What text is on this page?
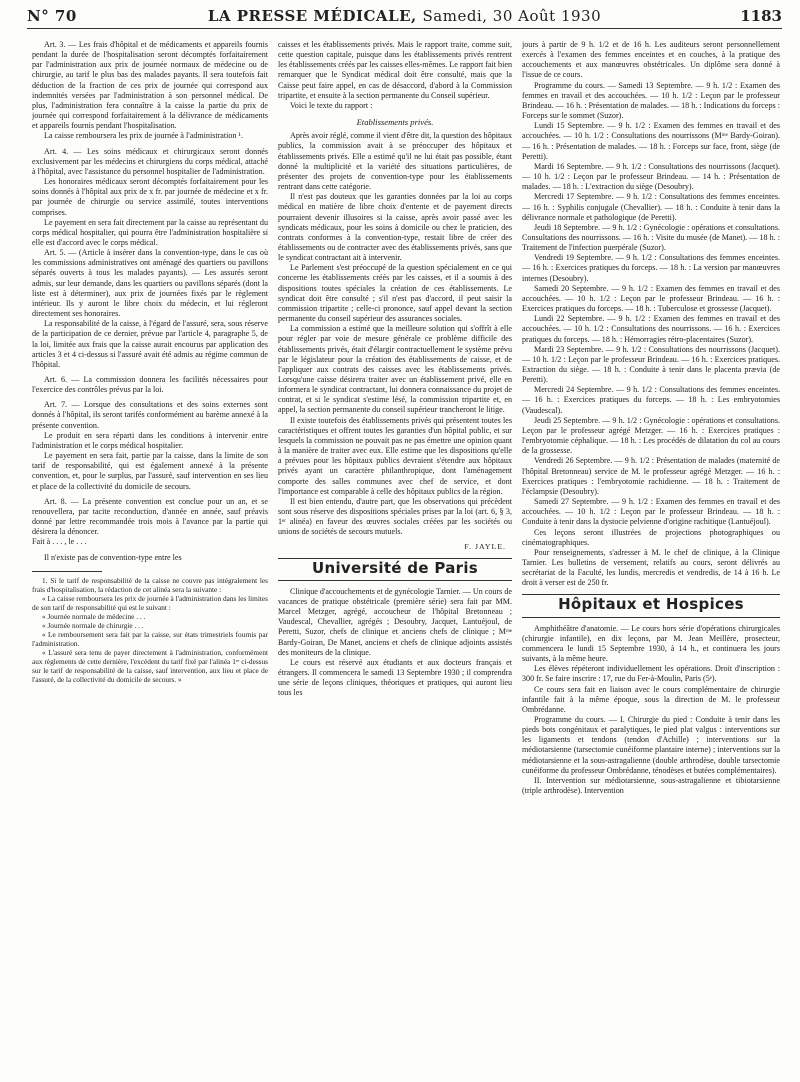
N° 70	LA PRESSE MÉDICALE, Samedi, 30 Août 1930	1183

Art. 3. — Les frais d'hôpital et de médicaments et appareils fournis pendant la durée de l'hospitalisation seront décomptés forfaitairement par l'administration aux prix de journée normaux de médecine ou de chirurgie, au tarif le plus bas des malades payants. Il sera toutefois fait déduction de la fraction de ces prix de journée qui correspond aux indemnités versées par l'administration à son personnel médical. De plus, l'administration fera connaître à la caisse la partie du prix de journée qui correspond forfaitairement à la délivrance de médicaments et appareils fournis pendant l'hospitalisation.

La caisse remboursera les prix de journée à l'administration ¹.

Art. 4. — Les soins médicaux et chirurgicaux seront donnés exclusivement par les médecins et chirurgiens du corps médical, attaché à l'hôpital, avec l'assistance du personnel hospitalier de l'administration.

Les honoraires médicaux seront décomptés forfaitairement pour les soins donnés à l'hôpital aux prix de x fr. par journée de médecine et x fr. par journée de chirurgie ou service assimilé, toutes interventions comprises.

Le payement en sera fait directement par la caisse au représentant du corps médical hospitalier, qui pourra être l'administration hospitalière si elle est d'accord avec le corps médical.

Art. 5. — (Article à insérer dans la convention-type, dans le cas où les commissions administratives ont aménagé des quartiers ou pavillons séparés ouverts à tous les malades payants). — Les assurés seront admis, sur leur demande, dans les quartiers ou pavillons séparés (dont la liste est à déterminer), aux prix de journées fixés par le règlement intérieur. Ils y auront le libre choix du médecin, et lui régleront directement ses honoraires.

La responsabilité de la caisse, à l'égard de l'assuré, sera, sous réserve de la participation de ce dernier, prévue par l'article 4, paragraphe 5, de la loi, limitée aux frais que la caisse aurait encourus par application des articles 3 et 4 ci-dessus si l'assuré avait été admis au régime commun de l'hôpital.

Art. 6. — La commission donnera les facilités nécessaires pour l'exercice des contrôles prévus par la loi.

Art. 7. — Lorsque des consultations et des soins externes sont donnés à l'hôpital, ils seront tarifés conformément au barème annexé à la présente convention.

Le produit en sera réparti dans les conditions à intervenir entre l'administration et le corps médical hospitalier.

Le payement en sera fait, partie par la caisse, dans la limite de son tarif de responsabilité, qui est également annexé à la présente convention, et, pour le surplus, par l'assuré, sauf intervention en ses lieu et place de la collectivité du domicile de secours.

Art. 8. — La présente convention est conclue pour un an, et se renouvellera, par tacite reconduction, d'année en année, sauf préavis donné par lettre recommandée trois mois à l'avance par la partie qui désirera la dénoncer.

Fait à . . . , le . . .

Il n'existe pas de convention-type entre les

1. Si le tarif de responsabilité de la caisse ne couvre pas intégralement les frais d'hospitalisation, la rédaction de cet alinéa sera la suivante :

« La caisse remboursera les prix de journée à l'administration dans les limites de son tarif de responsabilité qui est le suivant :

« Journée normale de médecine . . .

« Journée normale de chirurgie . . .

« Le remboursement sera fait par la caisse, sur états trimestriels fournis par l'administration.

« L'assuré sera tenu de payer directement à l'administration, conformément aux règlements de cette dernière, l'excédent du tarif fixé par l'alinéa 1ᵉʳ ci-dessus sur le tarif de responsabilité de la caisse, sauf intervention, aux lieu et place de l'assuré, de la collectivité du domicile de secours. »

caisses et les établissements privés. Mais le rapport traite, comme suit, cette question capitale, puisque dans les établissements privés rentrent les établissements créés par les caisses elles-mêmes. Le rapport fait bien remarquer que le Syndicat médical doit être consulté, mais que la Caisse peut faire appel, en cas de désaccord, d'abord à la Commission tripartite, et ensuite à la section permanente du Conseil supérieur.

Voici le texte du rapport :

Etablissements privés.

Après avoir réglé, comme il vient d'être dit, la question des hôpitaux publics, la commission avait à se préoccuper des hôpitaux et établissements privés. Elle a estimé qu'il ne lui était pas possible, étant donné la multiplicité et la variété des situations particulières, de présenter des projets de convention-type pour les établissements rentrant dans cette catégorie.

Il n'est pas douteux que les garanties données par la loi au corps médical en matière de libre choix d'entente et de payement directs pourraient devenir illusoires si la caisse, après avoir passé avec les syndicats médicaux, pour les soins à domicile ou chez le praticien, des contrats conformes à la convention-type, restait libre de créer des établissements ou de contracter avec des établissements privés, sans que le syndicat contractant ait à intervenir.

Le Parlement s'est préoccupé de la question spécialement en ce qui concerne les établissements créés par les caisses, et il a soumis à des dispositions toutes spéciales la création de ces établissements. Le syndicat doit être consulté ; s'il n'est pas d'accord, il peut saisir la commission tripartite ; celle-ci prononce, sauf appel devant la section permanente du conseil supérieur des assurances sociales.

La commission a estimé que la meilleure solution qui s'offrît à elle pour régler par voie de mesure générale ce problème difficile des établissements privés, était d'élargir contractuellement le système prévu par le législateur pour la création des établissements de caisse, et de l'appliquer aux contrats des caisses avec les établissements privés. Lorsqu'une caisse désirera traiter avec un établissement privé, elle en informera le syndicat contractant, lui donnera connaissance du projet de contrat, et si le syndicat s'estime lésé, la commission tripartite et, en appel, la section permanente du conseil supérieur trancheront le litige.

Il existe toutefois des établissements privés qui présentent toutes les caractéristiques et offrent toutes les garanties d'un hôpital public, et sur lesquels la commission ne pouvait pas ne pas émettre une opinion quant à la manière de traiter avec eux. Elle estime que les dispositions qu'elle a prévues pour les hôpitaux publics devraient s'étendre aux hôpitaux privés ayant un caractère philanthropique, dont l'aménagement comporte des salles communes avec chef de service, et dont l'importance est comparable à celle des hôpitaux publics de la région.

Il est bien entendu, d'autre part, que les observations qui précèdent sont sous réserve des dispositions spéciales prises par la loi (art. 6, § 3, 1ᵉʳ alinéa) en faveur des œuvres sociales créées par les sociétés ou unions de sociétés de secours mutuels.

F. JAYLE.
Université de Paris

Clinique d'accouchements et de gynécologie Tarnier. — Un cours de vacances de pratique obstétricale (première série) sera fait par MM. Marcel Metzger, agrégé, accoucheur de l'hôpital Bretonneau ; Vaudescal, Chevallier, agrégés ; Desoubry, Jacquet, Lantuéjoul, de Peretti, Suzor, chefs de clinique et anciens chefs de clinique ; Mᵐᵉ Bardy-Goiran, De Manet, anciens et chefs de clinique adjoints assistés des moniteurs de la clinique.

Le cours est réservé aux étudiants et aux docteurs français et étrangers. Il commencera le samedi 13 Septembre 1930 ; il comprendra une série de leçons cliniques, théoriques et pratiques, qui auront lieu tous les

jours à partir de 9 h. 1/2 et de 16 h. Les auditeurs seront personnellement exercés à l'examen des femmes enceintes et en couches, à la pratique des accouchements et aux manœuvres obstétricales. Un diplôme sera donné à l'issue de ce cours.

Programme du cours. — Samedi 13 Septembre. — 9 h. 1/2 : Examen des femmes en travail et des accouchées. — 10 h. 1/2 : Leçon par le professeur Brindeau. — 16 h. : Présentation de malades. — 18 h. : Indications du forceps : Forceps sur le sommet (Suzor).

Lundi 15 Septembre. — 9 h. 1/2 : Examen des femmes en travail et des accouchées. — 10 h. 1/2 : Consultations des nourrissons (Mᵐᵉ Bardy-Goiran). — 16 h. : Présentation de malades. — 18 h. : Forceps sur face, front, siège (de Peretti).

Mardi 16 Septembre. — 9 h. 1/2 : Consultations des nourrissons (Jacquet). — 10 h. 1/2 : Leçon par le professeur Brindeau. — 14 h. : Présentation de malades. — 18 h. : L'extraction du siège (Desoubry).

Mercredi 17 Septembre. — 9 h. 1/2 : Consultations des femmes enceintes. — 16 h. : Syphilis conjugale (Chevallier). — 18 h. : Conduite à tenir dans la délivrance normale et pathologique (de Peretti).

Jeudi 18 Septembre. — 9 h. 1/2 : Gynécologie : opérations et consultations. Consultations des nourrissons. — 16 h. : Visite du musée (de Manet). — 18 h. : Traitement de l'infection puerpérale (Suzor).

Vendredi 19 Septembre. — 9 h. 1/2 : Consultations des femmes enceintes. — 16 h. : Exercices pratiques du forceps. — 18 h. : La version par manœuvres internes (Desoubry).

Samedi 20 Septembre. — 9 h. 1/2 : Examen des femmes en travail et des accouchées. — 10 h. 1/2 : Leçon par le professeur Brindeau. — 16 h. : Exercices pratiques du forceps. — 18 h. : Tuberculose et grossesse (Jacquet).

Lundi 22 Septembre. — 9 h. 1/2 : Examen des femmes en travail et des accouchées. — 10 h. 1/2 : Consultations des nourrissons. — 16 h. : Exercices pratiques du forceps. — 18 h. : Hémorragies rétro-placentaires (Suzor).

Mardi 23 Septembre. — 9 h. 1/2 : Consultations des nourrissons (Jacquet). — 10 h. 1/2 : Leçon par le professeur Brindeau. — 16 h. : Exercices pratiques. Extraction du siège. — 18 h. : Conduite à tenir dans le placenta prævia (de Peretti).

Mercredi 24 Septembre. — 9 h. 1/2 : Consultations des femmes enceintes. — 16 h. : Exercices pratiques du forceps. — 18 h. : Les embryotomies (Vaudescal).

Jeudi 25 Septembre. — 9 h. 1/2 : Gynécologie : opérations et consultations. Leçon par le professeur agrégé Metzger. — 16 h. : Exercices pratiques : l'embryotomie céphalique. — 18 h. : Les procédés de dilatation du col au cours de la grossesse.

Vendredi 26 Septembre. — 9 h. 1/2 : Présentation de malades (maternité de l'hôpital Bretonneau) service de M. le professeur agrégé Metzger. — 16 h. : Exercices pratiques : l'embryotomie rachidienne. — 18 h. : Traitement de l'éclampsie (Desoubry).

Samedi 27 Septembre. — 9 h. 1/2 : Examen des femmes en travail et des accouchées. — 10 h. 1/2 : Leçon par le professeur Brindeau. — 18 h. : Conduite à tenir dans la dystocie pelvienne d'origine rachitique (Lantuéjoul).

Ces leçons seront illustrées de projections photographiques ou cinématographiques.

Pour renseignements, s'adresser à M. le chef de clinique, à la Clinique Tarnier. Les bulletins de versement, relatifs au cours, seront délivrés au secrétariat de la Faculté, les lundis, mercredis et vendredis, de 14 à 16 h. Le droit à verser est de 250 fr.

Hôpitaux et Hospices

Amphithéâtre d'anatomie. — Le cours hors série d'opérations chirurgicales (chirurgie infantile), en dix leçons, par M. Jean Meillère, prosecteur, commencera le lundi 15 Septembre 1930, à 14 h., et continuera les jours suivants, à la même heure.

Les élèves répéteront individuellement les opérations. Droit d'inscription : 300 fr. Se faire inscrire : 17, rue du Fer-à-Moulin, Paris (5ᵉ).

Ce cours sera fait en liaison avec le cours complémentaire de chirurgie infantile fait à la même époque, sous la direction de M. le professeur Ombrédanne.

Programme du cours. — I. Chirurgie du pied : Conduite à tenir dans les pieds bots congénitaux et paralytiques, le pied plat valgus : interventions sur les ligaments et tendons (tendon d'Achille) ; interventions sur la médiotarsienne (tarsectomie cunéiforme plantaire interne) ; interventions sur la médiotarsienne et la sous-astragalienne (double arthrodèse, double tarsectomie cunéiforme du professeur Ombrédanne, ténodèses et butées complémentaires).

II. Intervention sur médiotarsienne, sous-astragalienne et tibiotarsienne (triple arthrodèse). Intervention
